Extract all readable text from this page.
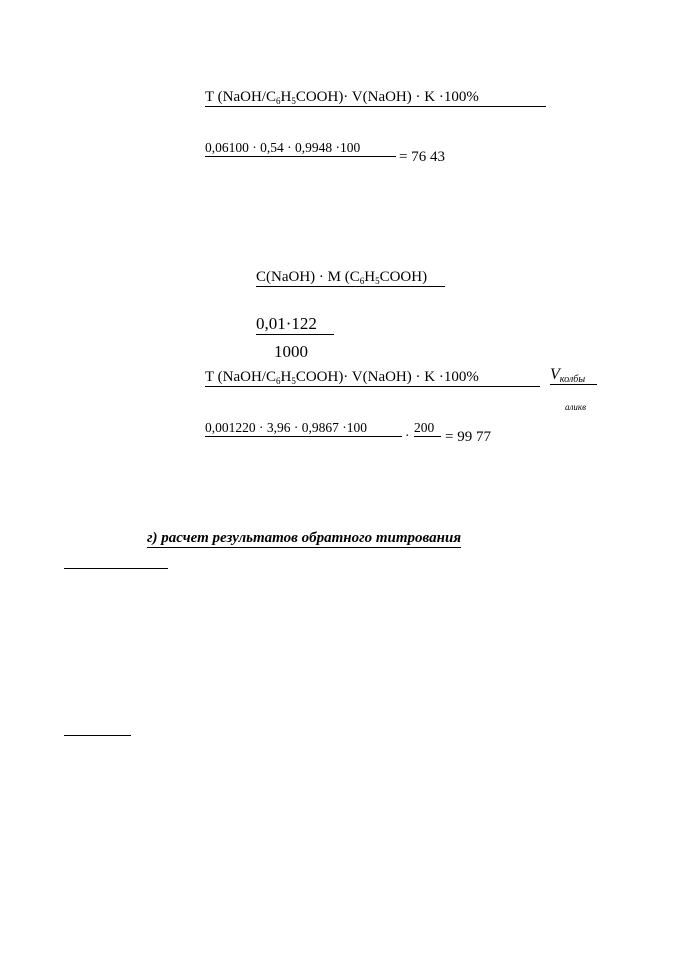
T $(NaOH/C_6H_5COOH)\cdot$ V(NaOH) · K ·100%
0,06100 · 0,54 · 0,9948 ·100
= 76 43
C(NaOH) · M $(C_6H_5COOH)$
0,01·122
1000
T $(NaOH/C_6H_5COOH)\cdot$ V(NaOH) · K ·100%	$V_{колбы}$
аликв
0,001220 · 3,96 · 0,9867 ·100
·
200
= 99 77
г) расчет результатов обратного титрования
